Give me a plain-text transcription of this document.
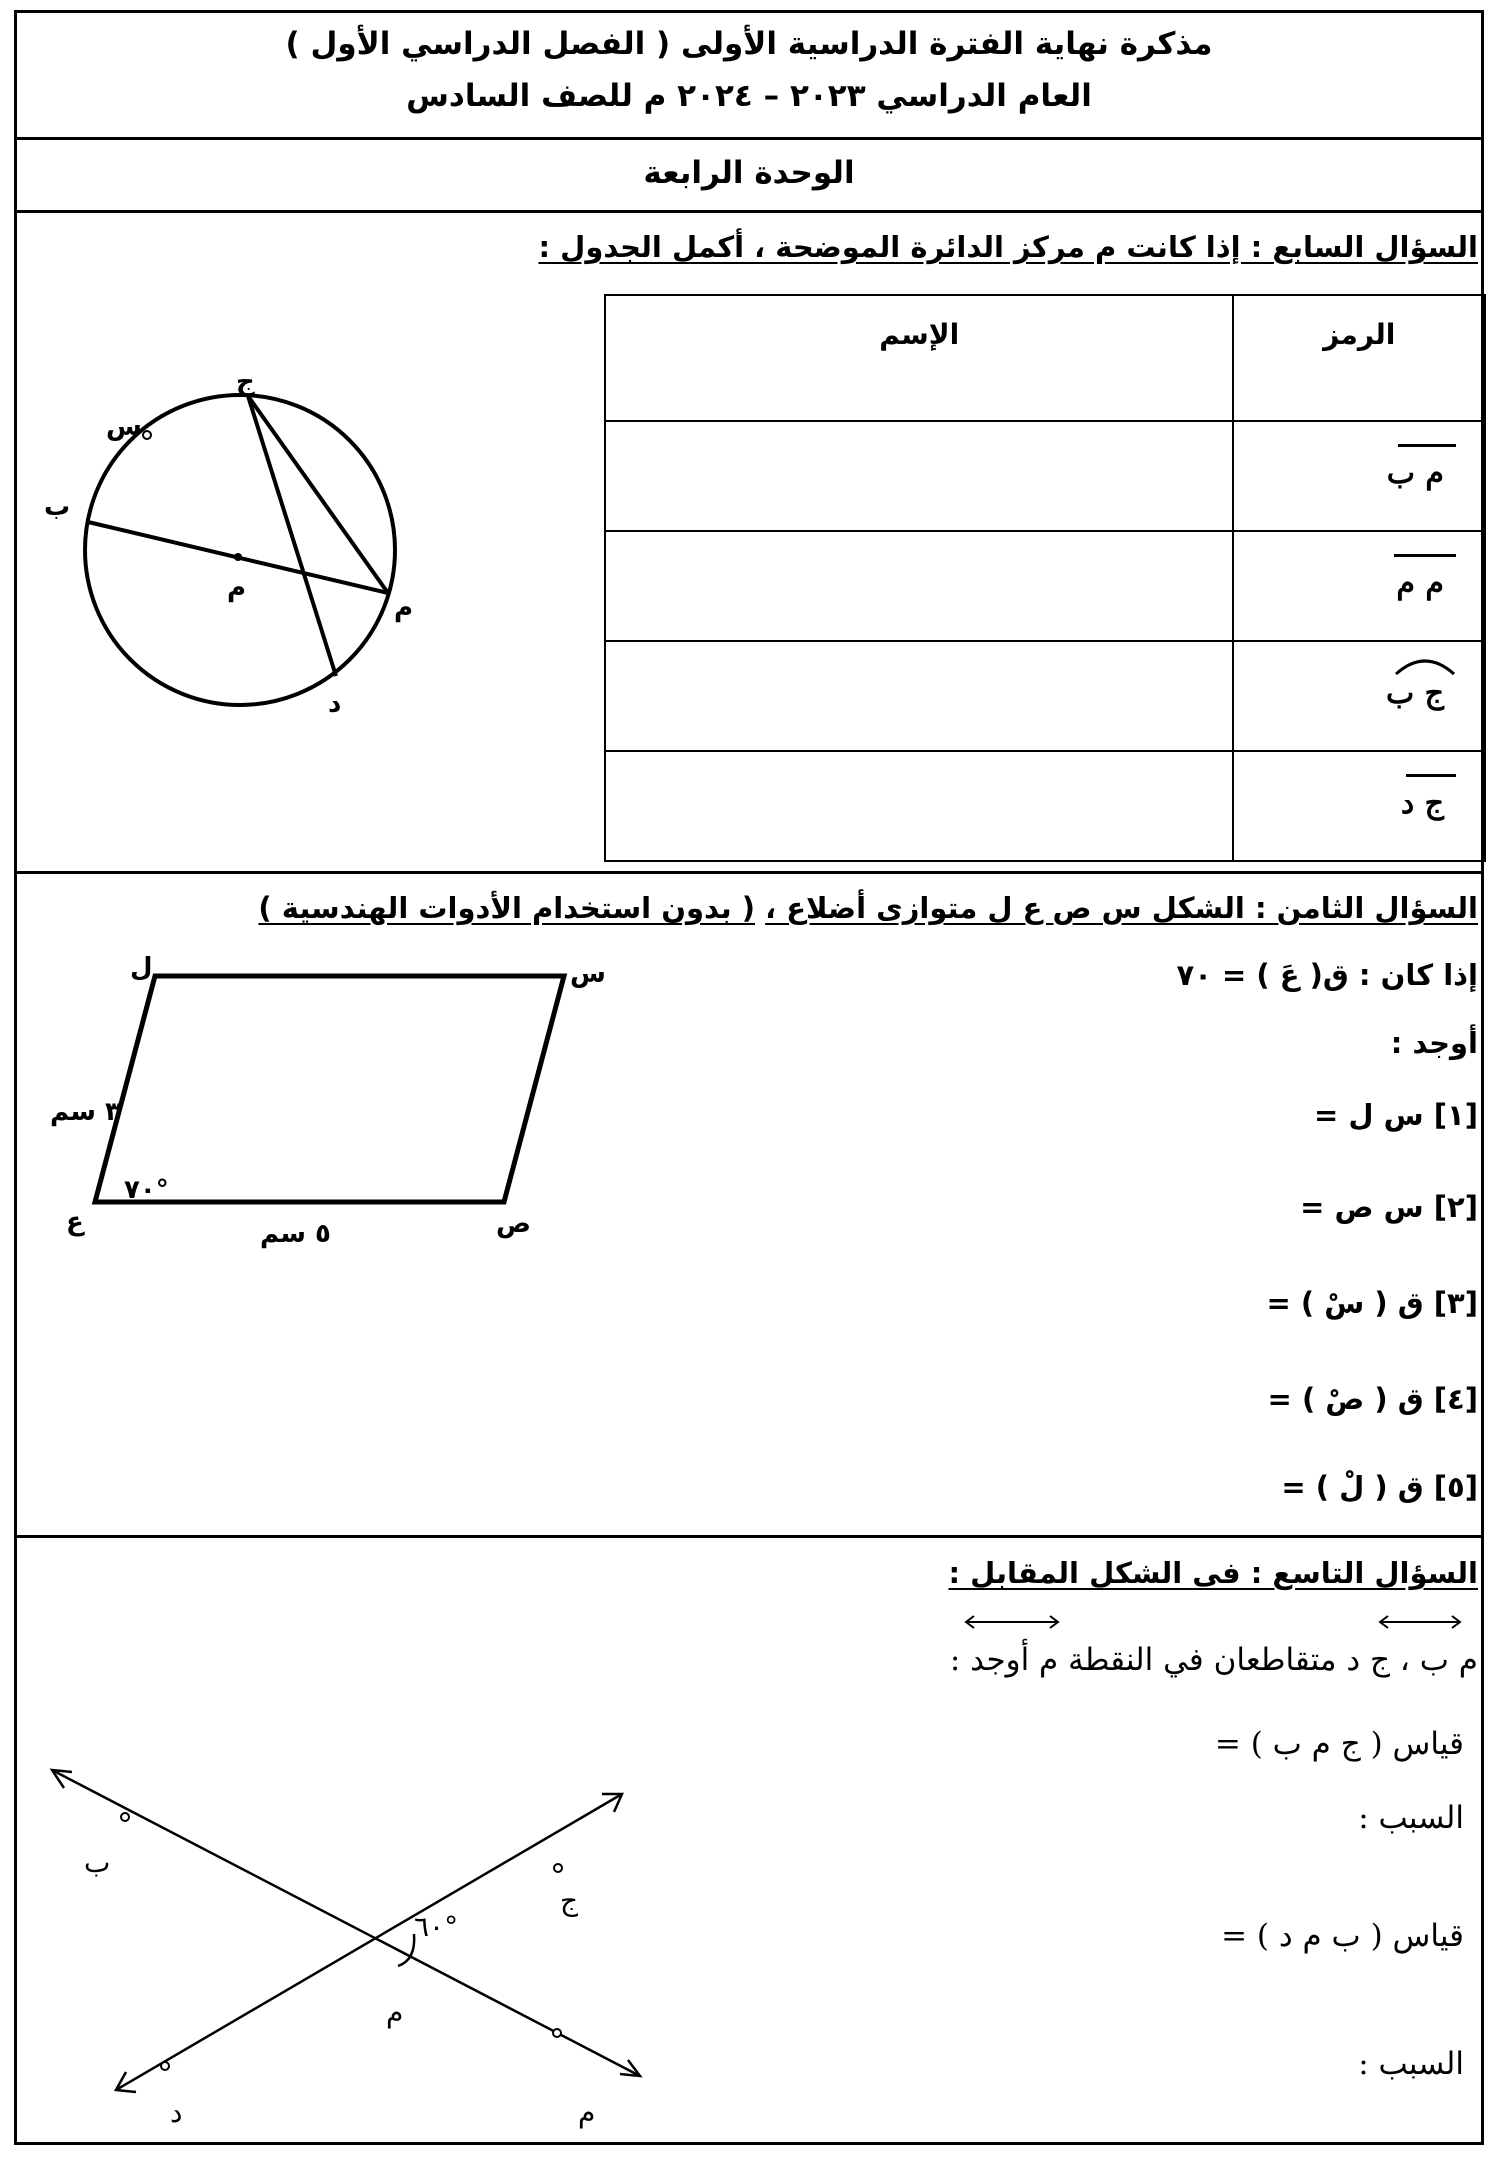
مذكرة نهاية الفترة الدراسية الأولى ( الفصل الدراسي الأول )
العام الدراسي ٢٠٢٣ – ٢٠٢٤ م للصف السادس
الوحدة الرابعة
السؤال السابع : إذا كانت م مركز الدائرة الموضحة ، أكمل الجدول :
الإسم	الرمز

	م ب

	م م

	ج ب

	ج د
ج
س
ب
م
م
د
السؤال الثامن : الشكل س ص ع ل متوازى أضلاع ، ( بدون استخدام الأدوات الهندسية )
إذا كان : ق( عَ ) = ٧٠
أوجد :
[١] س ل =
[٢] س ص =
[٣] ق ( سْ ) =
[٤] ق ( صْ ) =
[٥] ق ( لْ ) =
ل	س
ع	ص
٣ سم
٥ سم
٧٠°
السؤال التاسع : فى الشكل المقابل :
م ب ، ج د متقاطعان في النقطة م أوجد :
قياس ( ج م ب ) =
السبب :
قياس ( ب م د ) =
السبب :
ب
ج
م
د	م
٦٠°
